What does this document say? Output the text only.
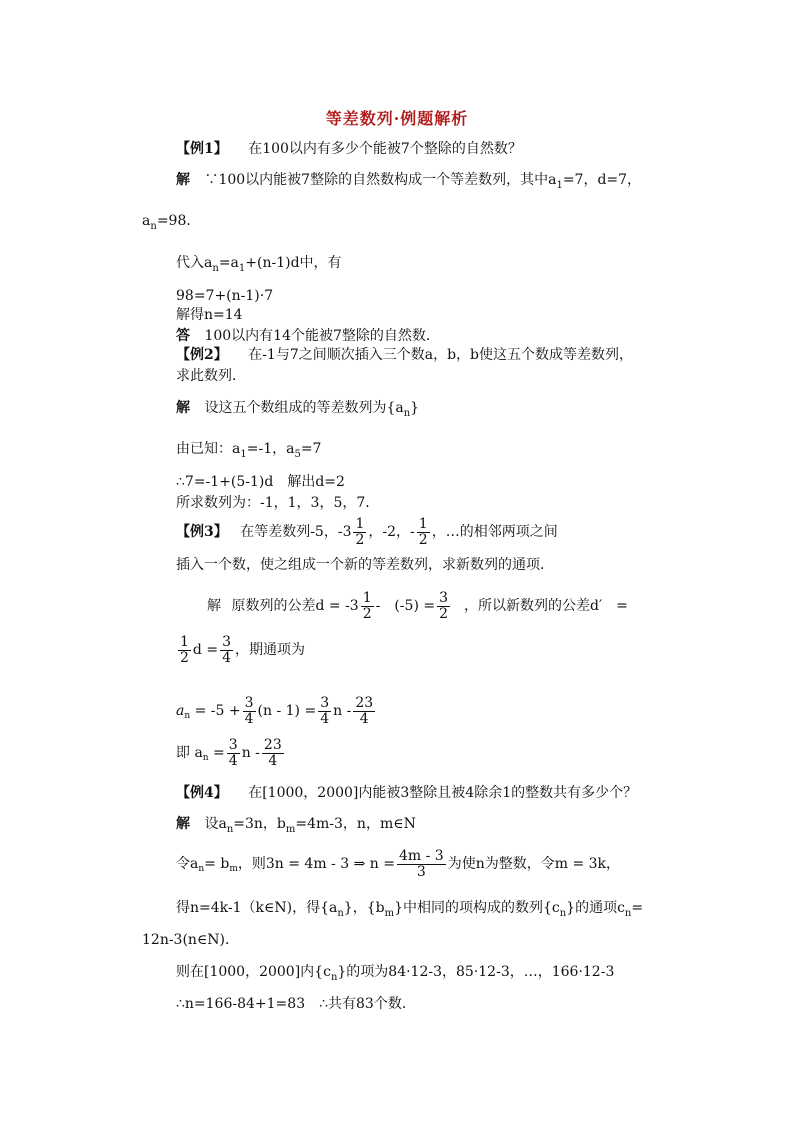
等差数列·例题解析
【例1】 在100以内有多少个能被7个整除的自然数？
解 ∵100以内能被7整除的自然数构成一个等差数列，其中$a_1=7$，d=7，
$a_n=98$．
代入$a_n=a_1+(n-1)d$中，有
98=7+(n-1)·7
解得n=14
答 100以内有14个能被7整除的自然数．
【例2】 在-1与7之间顺次插入三个数a，b，b使这五个数成等差数列，
求此数列．
解 设这五个数组成的等差数列为$\{a_n\}$
由已知：$a_1=-1$，$a_5=7$
∴7=-1+(5-1)d　解出d=2
所求数列为：-1，1，3，5，7．
【例3】 在等差数列-5，$-3 \frac{1}{2}$ ，-2，- $\frac{1}{2}$ ，…的相邻两项之间
插入一个数，使之组成一个新的等差数列，求新数列的通项．
解 原数列的公差$d = -3 \frac{1}{2}$ -　$(-5) = \frac{3}{2}$ ，所以新数列的公差d′　=
$\frac{1}{2}$ $d = \frac{3}{4}$ ，期通项为
$a_n = -5 + \frac{3}{4} (n - 1) = \frac{3}{4}$ n - $\frac{23}{4}$
即 $a_n = \frac{3}{4}$ n - $\frac{23}{4}$
【例4】 在[1000，2000]内能被3整除且被4除余1的整数共有多少个？
解 设$a_n=3n$，$b_m=4m-3$，n，m∈N
令$a_n= b_m$，则3n = 4m - 3 ⇒ $n = \frac{4m - 3}{3}$ 为使n为整数，令m = 3k，
得n=4k-1（k∈N)，得$\{a_n\}$，$\{b_m\}$中相同的项构成的数列$\{c_n\}$的通项$c_n=$
12n-3(n∈N)．
则在[1000，2000]内$\{c_n\}$的项为84·12-3，85·12-3，…，166·12-3
∴n=166-84+1=83　∴共有83个数．
